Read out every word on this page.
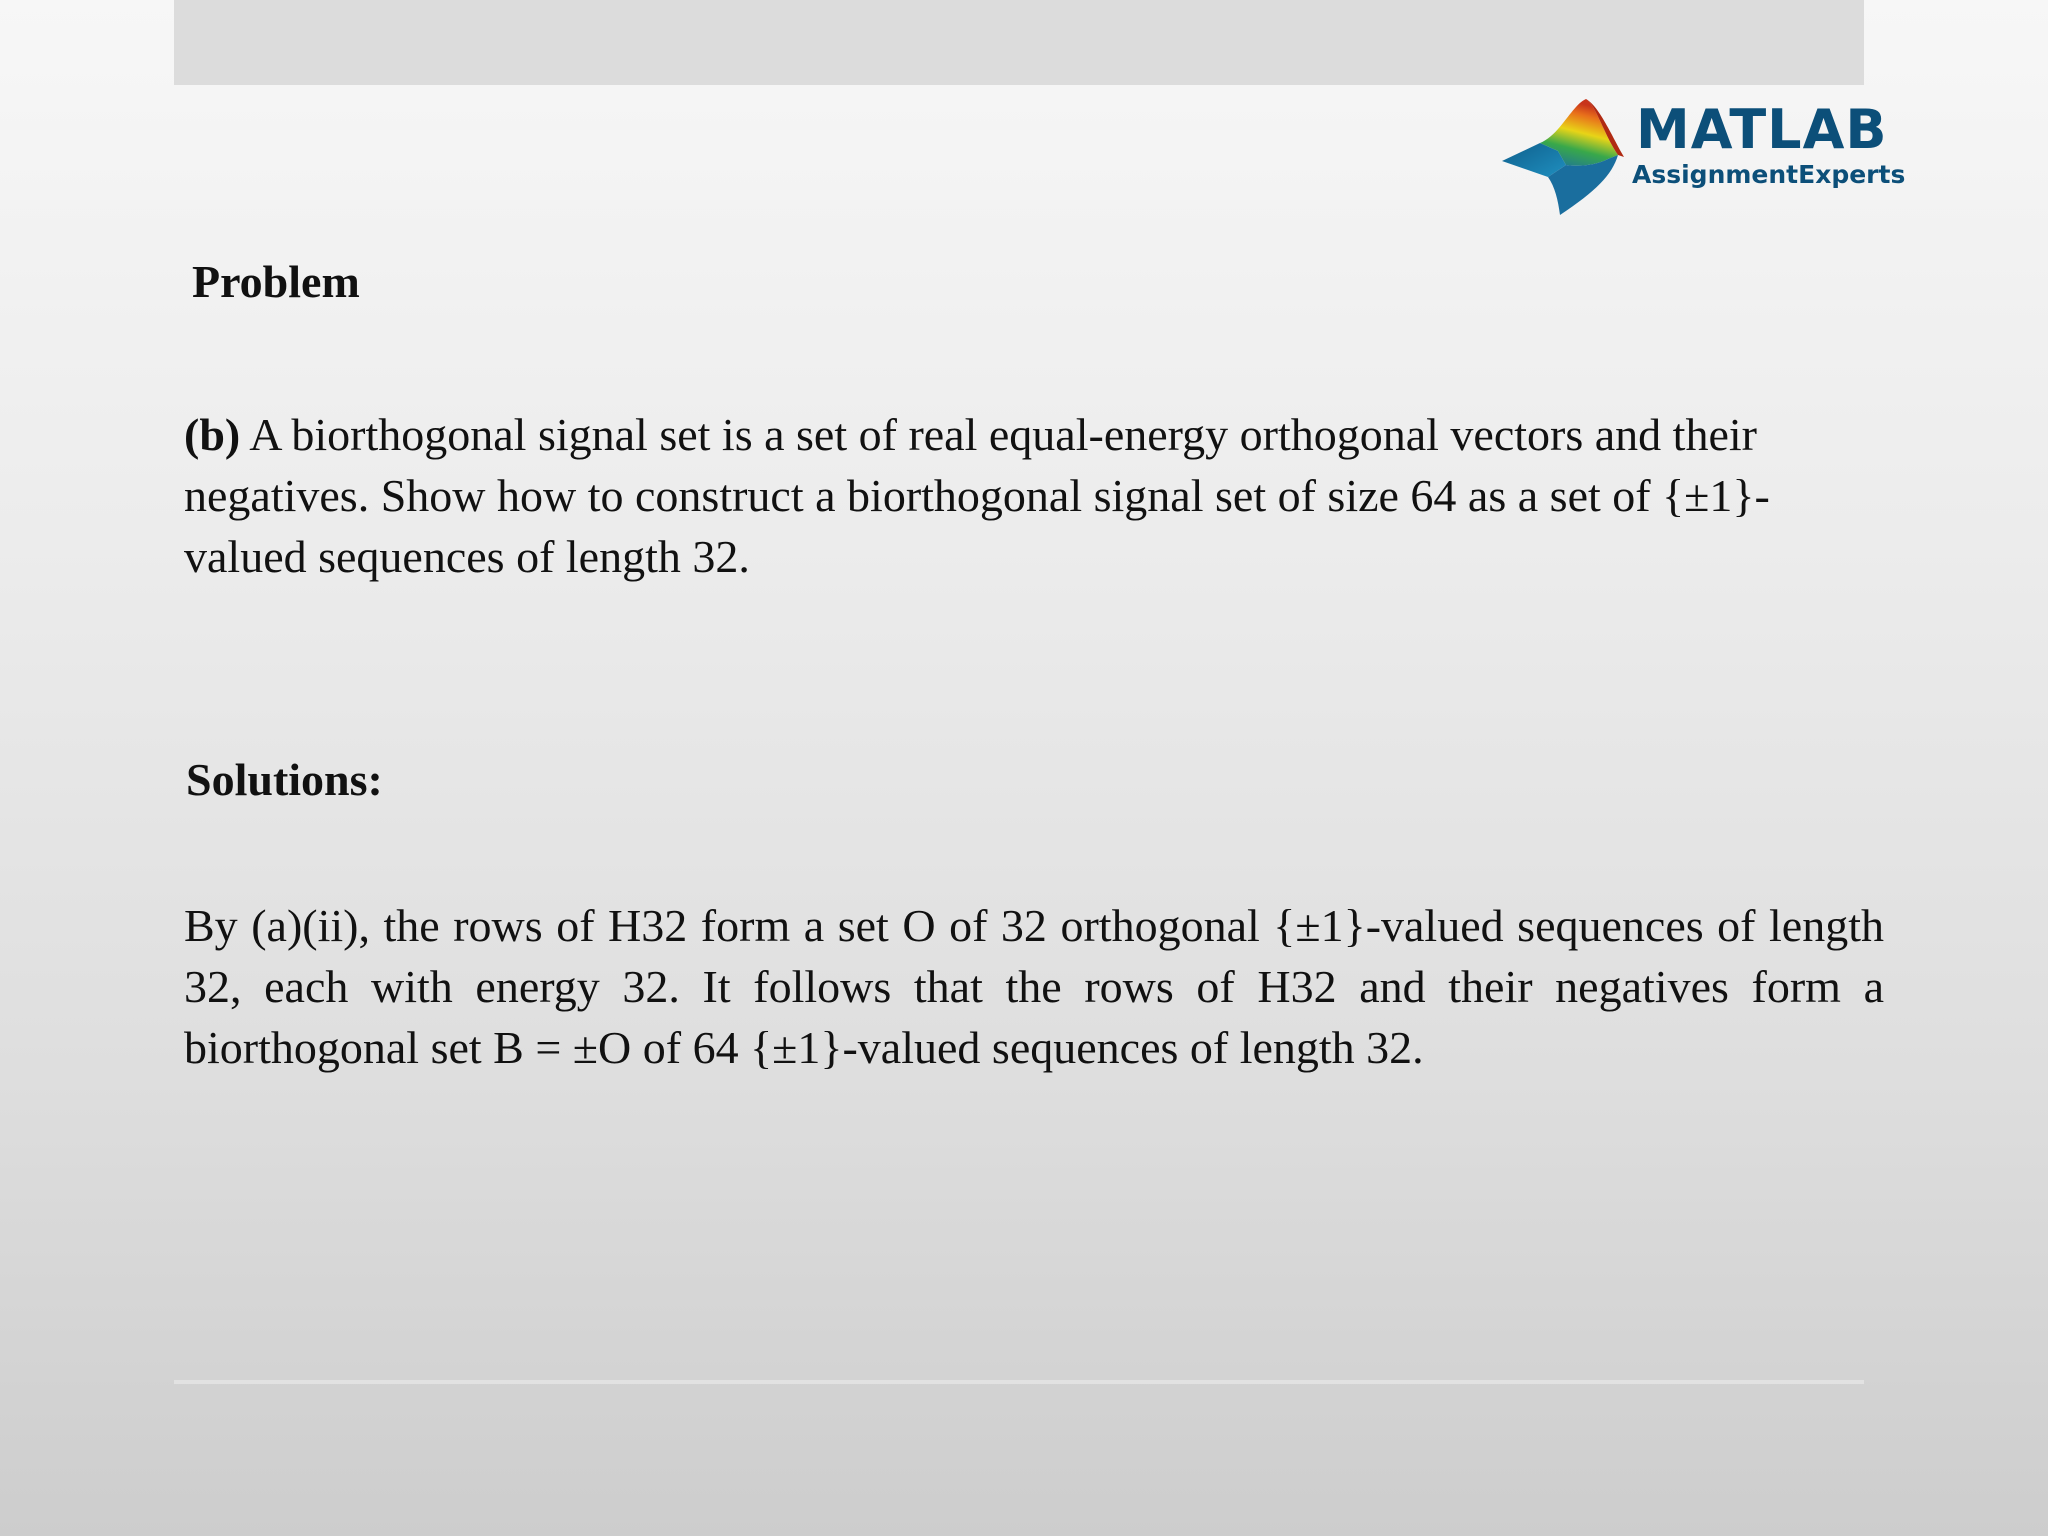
MATLAB
AssignmentExperts
Problem

(b) A biorthogonal signal set is a set of real equal-energy orthogonal vectors and their negatives. Show how to construct a biorthogonal signal set of size 64 as a set of {±1}- valued sequences of length 32.

Solutions:

By (a)(ii), the rows of H32 form a set O of 32 orthogonal {±1}-valued sequences of length 32, each with energy 32. It follows that the rows of H32 and their negatives form a biorthogonal set B = ±O of 64 {±1}-valued sequences of length 32.
